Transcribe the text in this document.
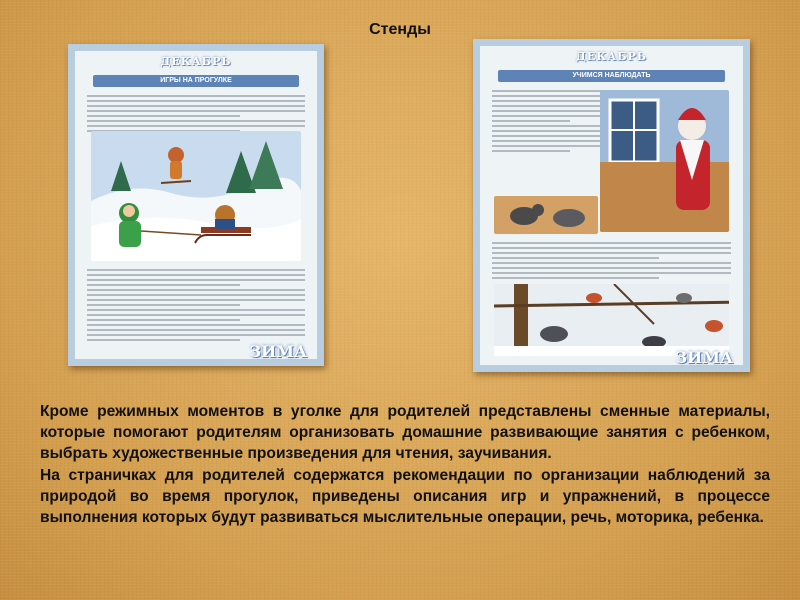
Стенды
ДЕКАБРЬ
ИГРЫ НА ПРОГУЛКЕ
ЗИМА
ДЕКАБРЬ
УЧИМСЯ НАБЛЮДАТЬ
ЗИМА

Кроме режимных моментов в уголке для родителей представлены сменные материалы, которые помогают родителям организовать домашние развивающие занятия с ребенком, выбрать художественные произведения для чтения, заучивания.

На страничках для родителей содержатся рекомендации по организации наблюдений за природой во время прогулок, приведены описания игр и упражнений, в процессе выполнения которых будут развиваться мыслительные операции, речь, моторика, ребенка.
